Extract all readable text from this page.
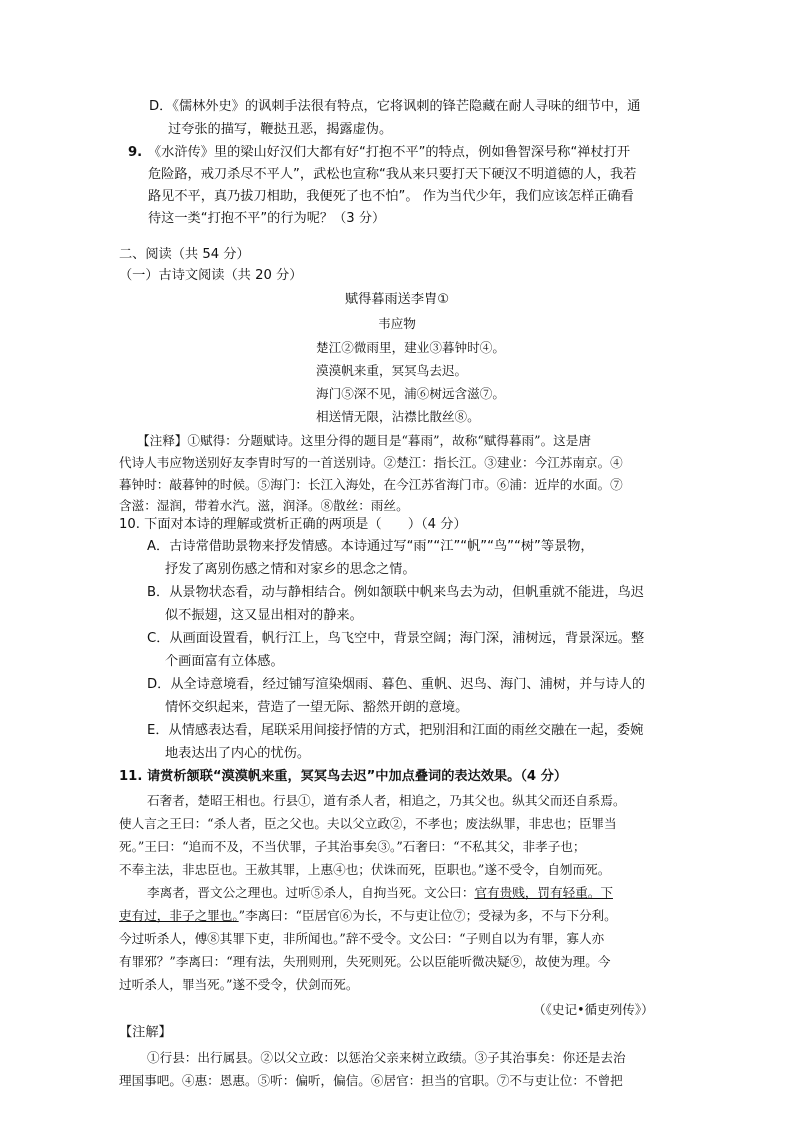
D．《儒林外史》的讽刺手法很有特点，它将讽刺的锋芒隐藏在耐人寻味的细节中，通
过夸张的描写，鞭挞丑恶，揭露虚伪。
9. 《水浒传》里的梁山好汉们大都有好“打抱不平”的特点，例如鲁智深号称“禅杖打开
危险路，戒刀杀尽不平人”，武松也宣称“我从来只要打天下硬汉不明道德的人，我若
路见不平，真乃拔刀相助，我便死了也不怕”。 作为当代少年，我们应该怎样正确看
待这一类“打抱不平”的行为呢？（3 分）
二、阅读（共 54 分）
（一）古诗文阅读（共 20 分）
赋得暮雨送李胄①
韦应物
楚江②微雨里，建业③暮钟时④。
漠漠帆来重，冥冥鸟去迟。
海门⑤深不见，浦⑥树远含滋⑦。
相送情无限，沾襟比散丝⑧。
【注释】①赋得：分题赋诗。这里分得的题目是“暮雨”，故称“赋得暮雨”。这是唐
代诗人韦应物送别好友李胄时写的一首送别诗。②楚江：指长江。③建业：今江苏南京。④
暮钟时：敲暮钟的时候。⑤海门：长江入海处，在今江苏省海门市。⑥浦：近岸的水面。⑦
含滋：湿润，带着水汽。滋，润泽。⑧散丝：雨丝。
10. 下面对本诗的理解或赏析正确的两项是（　　）（4 分）
A．古诗常借助景物来抒发情感。本诗通过写“雨”“江”“帆”“鸟”“树”等景物，
抒发了离别伤感之情和对家乡的思念之情。
B．从景物状态看，动与静相结合。例如颔联中帆来鸟去为动，但帆重就不能进，鸟迟
似不振翅，这又显出相对的静来。
C．从画面设置看，帆行江上，鸟飞空中，背景空阔；海门深，浦树远，背景深远。整
个画面富有立体感。
D．从全诗意境看，经过铺写渲染烟雨、暮色、重帆、迟鸟、海门、浦树，并与诗人的
情怀交织起来，营造了一望无际、豁然开朗的意境。
E．从情感表达看，尾联采用间接抒情的方式，把别泪和江面的雨丝交融在一起，委婉
地表达出了内心的忧伤。
11. 请赏析颔联“漠漠帆来重，冥冥鸟去迟”中加点叠词的表达效果。（4 分）
石奢者，楚昭王相也。行县①，道有杀人者，相追之，乃其父也。纵其父而还自系焉。
使人言之王曰：“杀人者，臣之父也。夫以父立政②，不孝也；废法纵罪，非忠也；臣罪当
死。”王曰：“追而不及，不当伏罪，子其治事矣③。”石奢曰：“不私其父，非孝子也；
不奉主法，非忠臣也。王赦其罪，上惠④也；伏诛而死，臣职也。”遂不受令，自刎而死。
李离者，晋文公之理也。过听⑤杀人，自拘当死。文公曰：官有贵贱，罚有轻重。下
吏有过，非子之罪也。”李离曰：“臣居官⑥为长，不与吏让位⑦；受禄为多，不与下分利。
今过听杀人，傅⑧其罪下吏，非所闻也。”辞不受令。文公曰：“子则自以为有罪，寡人亦
有罪邪？”李离曰：“理有法，失刑则刑，失死则死。公以臣能听微决疑⑨，故使为理。今
过听杀人，罪当死。”遂不受令，伏剑而死。
（《史记•循吏列传》）
【注解】
①行县：出行属县。②以父立政：以惩治父亲来树立政绩。③子其治事矣：你还是去治
理国事吧。④惠：恩惠。⑤听：偏听，偏信。⑥居官：担当的官职。⑦不与吏让位：不曾把
